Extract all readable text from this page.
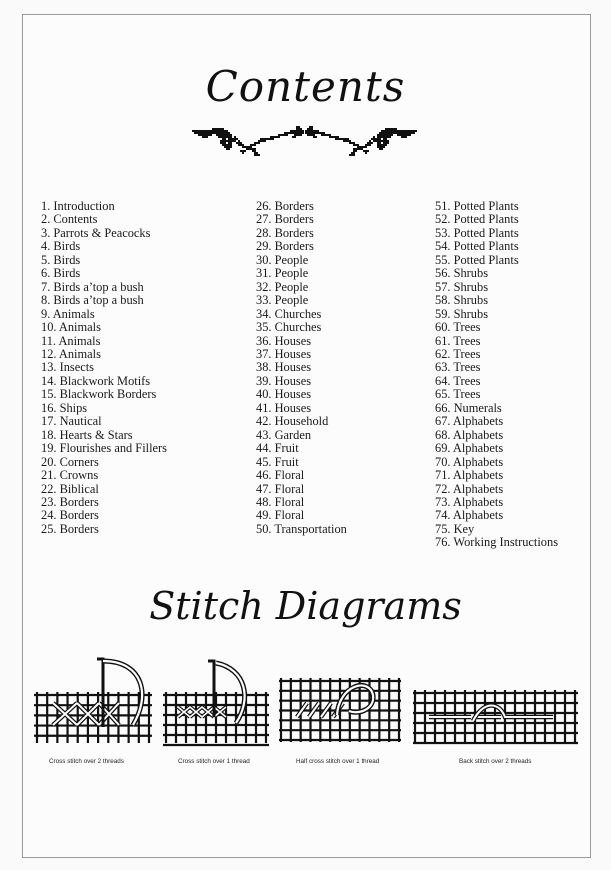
Contents
1. Introduction
2. Contents
3. Parrots & Peacocks
4. Birds
5. Birds
6. Birds
7. Birds a’top a bush
8. Birds a’top a bush
9. Animals
10. Animals
11. Animals
12. Animals
13. Insects
14. Blackwork Motifs
15. Blackwork Borders
16. Ships
17. Nautical
18. Hearts & Stars
19. Flourishes and Fillers
20. Corners
21. Crowns
22. Biblical
23. Borders
24. Borders
25. Borders
26. Borders
27. Borders
28. Borders
29. Borders
30. People
31. People
32. People
33. People
34. Churches
35. Churches
36. Houses
37. Houses
38. Houses
39. Houses
40. Houses
41. Houses
42. Household
43. Garden
44. Fruit
45. Fruit
46. Floral
47. Floral
48. Floral
49. Floral
50. Transportation
51. Potted Plants
52. Potted Plants
53. Potted Plants
54. Potted Plants
55. Potted Plants
56. Shrubs
57. Shrubs
58. Shrubs
59. Shrubs
60. Trees
61. Trees
62. Trees
63. Trees
64. Trees
65. Trees
66. Numerals
67. Alphabets
68. Alphabets
69. Alphabets
70. Alphabets
71. Alphabets
72. Alphabets
73. Alphabets
74. Alphabets
75. Key
76. Working Instructions
Stitch Diagrams
Cross stitch over 2 threads	Cross stitch over 1 thread	Half cross stitch over 1 thread	Back stitch over 2 threads
